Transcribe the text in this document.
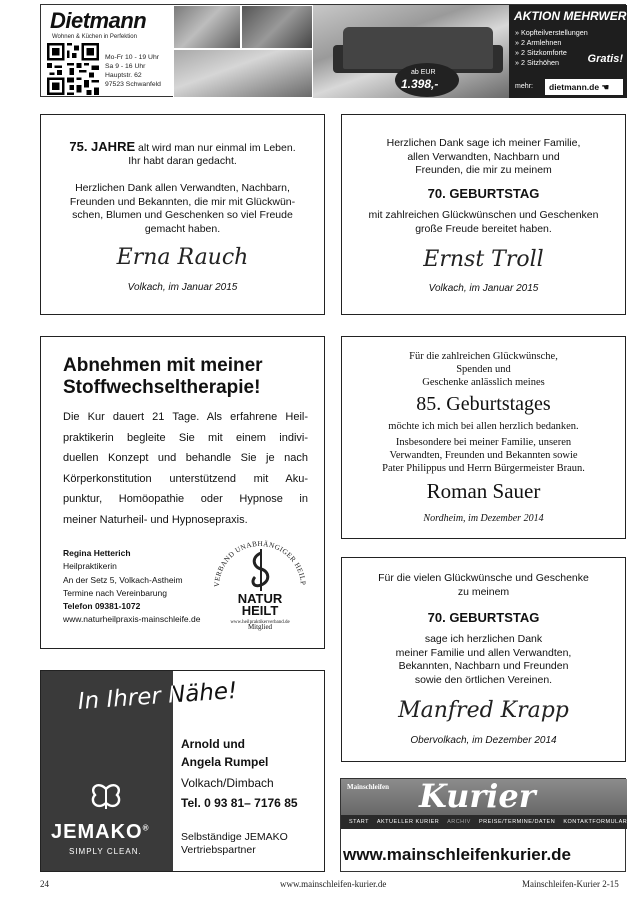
Dietmann
Wohnen & Küchen in Perfektion
Mo-Fr 10 - 19 Uhr
Sa 9 - 16 Uhr
Hauptstr. 62
97523 Schwanfeld
ab EUR
1.398,-
AKTION MEHRWERT...
» Kopfteilverstellungen
» 2 Armlehnen
» 2 Sitzkomforte
» 2 Sitzhöhen	Gratis!
mehr:	dietmann.de ☚
75. JAHRE alt wird man nur einmal im Leben.
Ihr habt daran gedacht.
Herzlichen Dank allen Verwandten, Nachbarn,
Freunden und Bekannten, die mir mit Glückwün-
schen, Blumen und Geschenken so viel Freude
gemacht haben.
Erna Rauch
Volkach, im Januar 2015
Herzlichen Dank sage ich meiner Familie,
allen Verwandten, Nachbarn und
Freunden, die mir zu meinem
70. GEBURTSTAG
mit zahlreichen Glückwünschen und Geschenken
große Freude bereitet haben.
Ernst Troll
Volkach, im Januar 2015
Abnehmen mit meiner
Stoffwechseltherapie!
Die Kur dauert 21 Tage. Als erfahrene Heil-
praktikerin begleite Sie mit einem indivi-
duellen Konzept und behandle Sie je nach
Körperkonstitution unterstützend mit Aku-
punktur, Homöopathie oder Hypnose in
meiner Naturheil- und Hypnosepraxis.
Regina Hetterich
Heilpraktikerin
An der Setz 5, Volkach-Astheim
Termine nach Vereinbarung
Telefon 09381-1072
www.naturheilpraxis-mainschleife.de
VERBAND UNABHÄNGIGER HEILP
NATUR
HEILT
www.heilpraktikerverband.de
Mitglied
Für die zahlreichen Glückwünsche,
Spenden und
Geschenke anlässlich meines
85. Geburtstages
möchte ich mich bei allen herzlich bedanken.
Insbesondere bei meiner Familie, unseren
Verwandten, Freunden und Bekannten sowie
Pater Philippus und Herrn Bürgermeister Braun.
Roman Sauer
Nordheim, im Dezember 2014
Für die vielen Glückwünsche und Geschenke
zu meinem
70. GEBURTSTAG
sage ich herzlichen Dank
meiner Familie und allen Verwandten,
Bekannten, Nachbarn und Freunden
sowie den örtlichen Vereinen.
Manfred Krapp
Obervolkach, im Dezember 2014
JEMAKO®
SIMPLY CLEAN.
In Ihrer Nähe!
Arnold und
Angela Rumpel
Volkach/Dimbach
Tel. 0 93 81– 7176 85
Selbständige JEMAKO
Vertriebspartner
Mainschleifen Kurier
START AKTUELLER KURIER ARCHIV PREISE/TERMINE/DATEN KONTAKTFORMULAR
www.mainschleifenkurier.de
24	www.mainschleifen-kurier.de	Mainschleifen-Kurier 2-15
